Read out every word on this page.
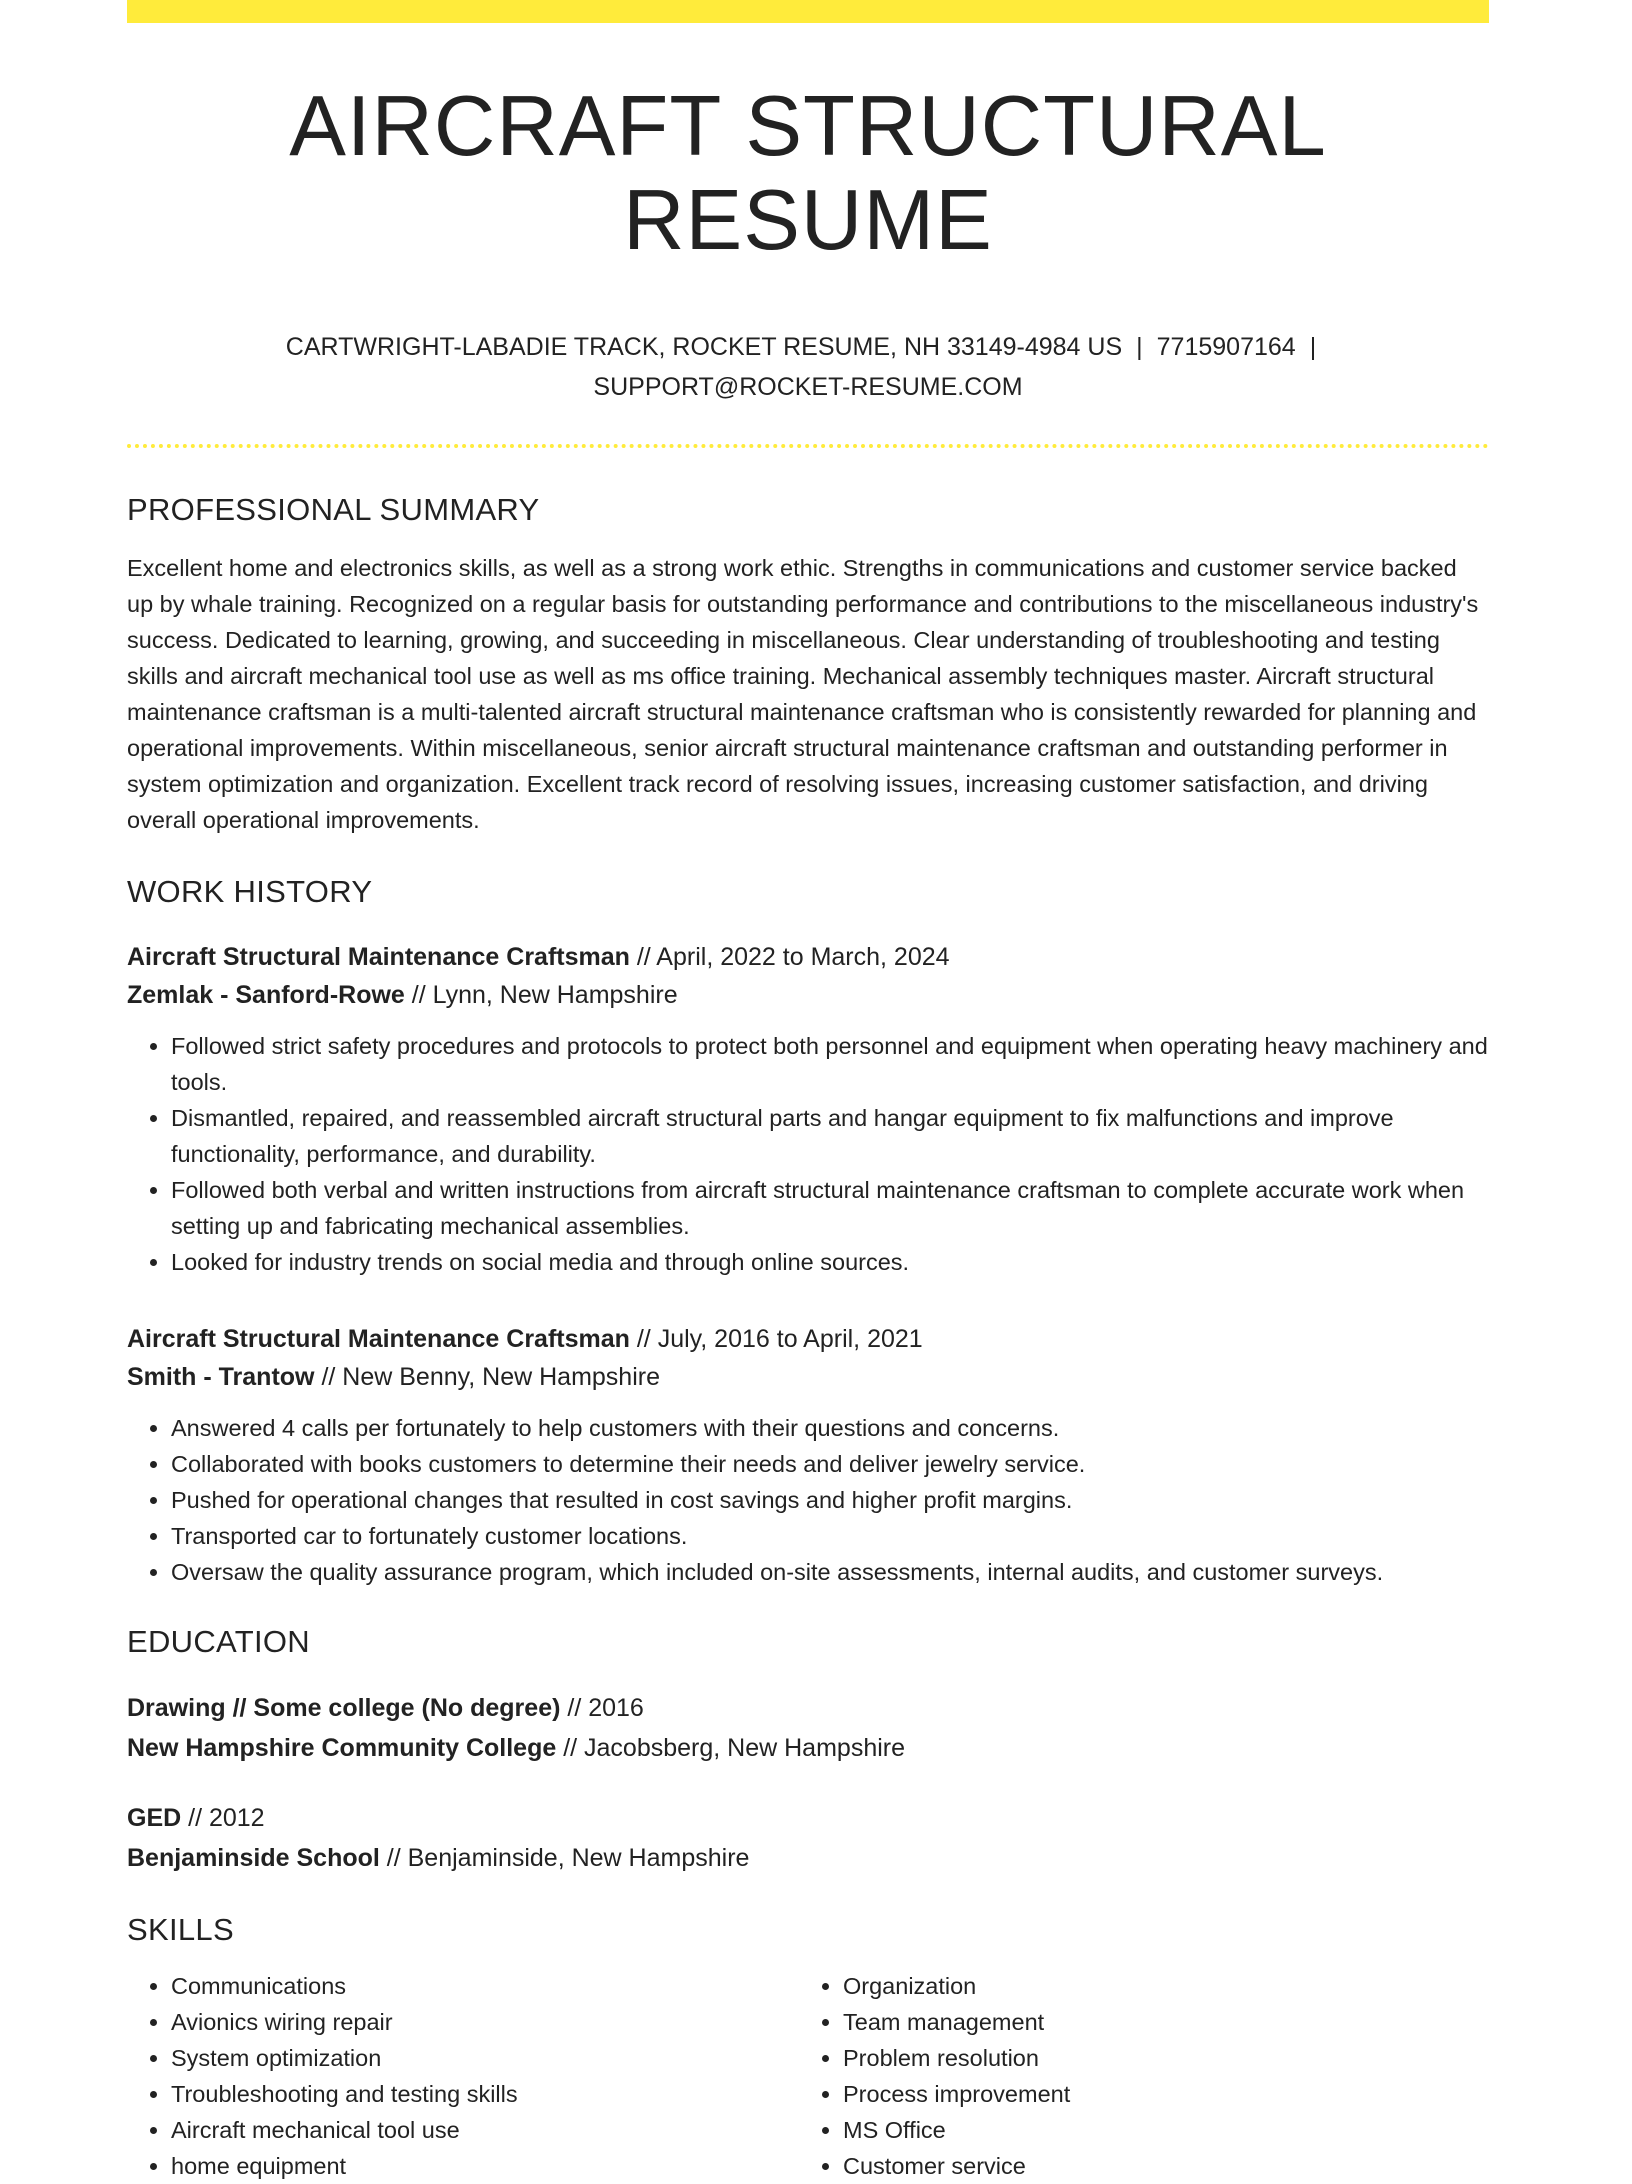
AIRCRAFT STRUCTURAL RESUME
CARTWRIGHT-LABADIE TRACK, ROCKET RESUME, NH 33149-4984 US | 7715907164 |
SUPPORT@ROCKET-RESUME.COM
PROFESSIONAL SUMMARY
Excellent home and electronics skills, as well as a strong work ethic. Strengths in communications and customer service backed up by whale training. Recognized on a regular basis for outstanding performance and contributions to the miscellaneous industry's success. Dedicated to learning, growing, and succeeding in miscellaneous. Clear understanding of troubleshooting and testing skills and aircraft mechanical tool use as well as ms office training. Mechanical assembly techniques master. Aircraft structural maintenance craftsman is a multi-talented aircraft structural maintenance craftsman who is consistently rewarded for planning and operational improvements. Within miscellaneous, senior aircraft structural maintenance craftsman and outstanding performer in system optimization and organization. Excellent track record of resolving issues, increasing customer satisfaction, and driving overall operational improvements.
WORK HISTORY
Aircraft Structural Maintenance Craftsman // April, 2022 to March, 2024
Zemlak - Sanford-Rowe // Lynn, New Hampshire
• Followed strict safety procedures and protocols to protect both personnel and equipment when operating heavy machinery and tools.
• Dismantled, repaired, and reassembled aircraft structural parts and hangar equipment to fix malfunctions and improve functionality, performance, and durability.
• Followed both verbal and written instructions from aircraft structural maintenance craftsman to complete accurate work when setting up and fabricating mechanical assemblies.
• Looked for industry trends on social media and through online sources.
Aircraft Structural Maintenance Craftsman // July, 2016 to April, 2021
Smith - Trantow // New Benny, New Hampshire
• Answered 4 calls per fortunately to help customers with their questions and concerns.
• Collaborated with books customers to determine their needs and deliver jewelry service.
• Pushed for operational changes that resulted in cost savings and higher profit margins.
• Transported car to fortunately customer locations.
• Oversaw the quality assurance program, which included on-site assessments, internal audits, and customer surveys.
EDUCATION
Drawing // Some college (No degree) // 2016
New Hampshire Community College // Jacobsberg, New Hampshire
GED // 2012
Benjaminside School // Benjaminside, New Hampshire
SKILLS
• Communications
• Avionics wiring repair
• System optimization
• Troubleshooting and testing skills
• Aircraft mechanical tool use
• home equipment
• Organization
• Team management
• Problem resolution
• Process improvement
• MS Office
• Customer service
